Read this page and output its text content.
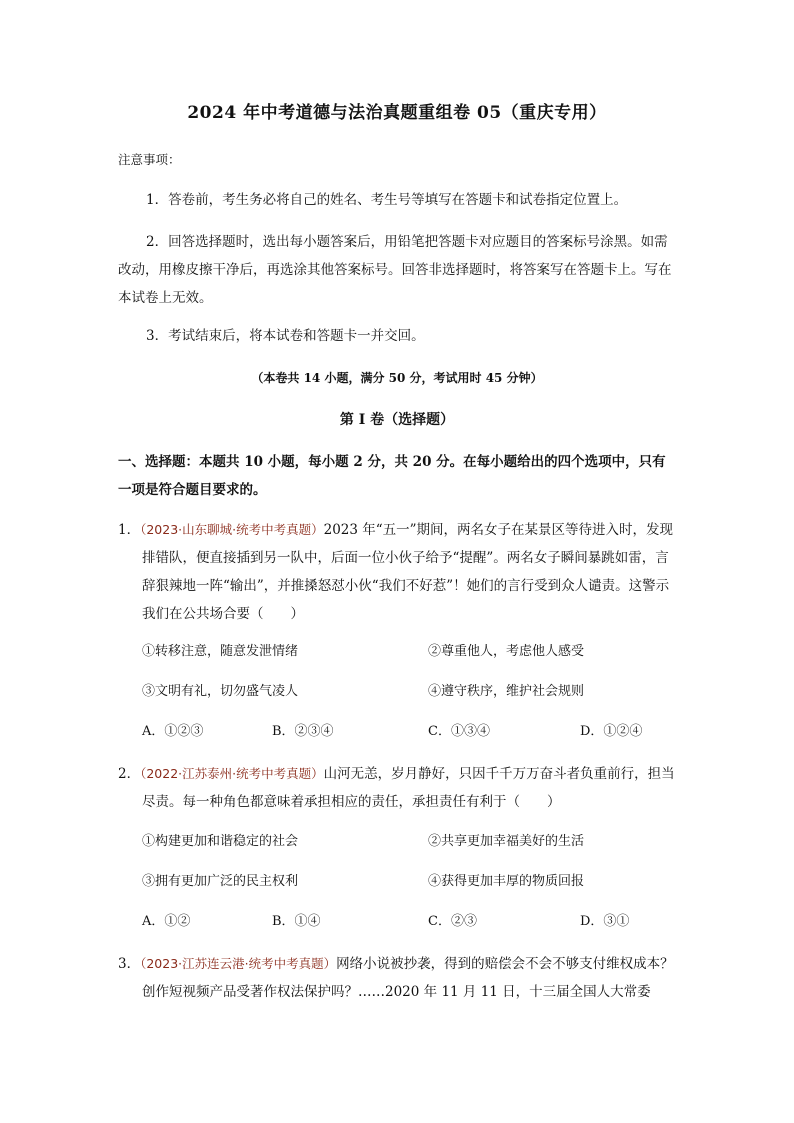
2024 年中考道德与法治真题重组卷 05（重庆专用）
注意事项：
1．答卷前，考生务必将自己的姓名、考生号等填写在答题卡和试卷指定位置上。
2．回答选择题时，选出每小题答案后，用铅笔把答题卡对应题目的答案标号涂黑。如需改动，用橡皮擦干净后，再选涂其他答案标号。回答非选择题时，将答案写在答题卡上。写在本试卷上无效。
3．考试结束后，将本试卷和答题卡一并交回。
（本卷共 14 小题，满分 50 分，考试用时 45 分钟）
第 I 卷（选择题）
一、选择题：本题共 10 小题，每小题 2 分，共 20 分。在每小题给出的四个选项中，只有一项是符合题目要求的。
1．（2023·山东聊城·统考中考真题）2023 年“五一”期间，两名女子在某景区等待进入时，发现排错队，便直接插到另一队中，后面一位小伙子给予“提醒”。两名女子瞬间暴跳如雷，言辞狠辣地一阵“输出”，并推搡怒怼小伙“我们不好惹”！她们的言行受到众人谴责。这警示我们在公共场合要（　　）
①转移注意，随意发泄情绪	②尊重他人，考虑他人感受
③文明有礼，切勿盛气凌人	④遵守秩序，维护社会规则
A．①②③	B．②③④	C．①③④	D．①②④
2．（2022·江苏泰州·统考中考真题）山河无恙，岁月静好，只因千千万万奋斗者负重前行，担当尽责。每一种角色都意味着承担相应的责任，承担责任有利于（　　）
①构建更加和谐稳定的社会	②共享更加幸福美好的生活
③拥有更加广泛的民主权利	④获得更加丰厚的物质回报
A．①②	B．①④	C．②③	D．③①
3．（2023·江苏连云港·统考中考真题）网络小说被抄袭，得到的赔偿会不会不够支付维权成本？创作短视频产品受著作权法保护吗？……2020 年 11 月 11 日，十三届全国人大常委
